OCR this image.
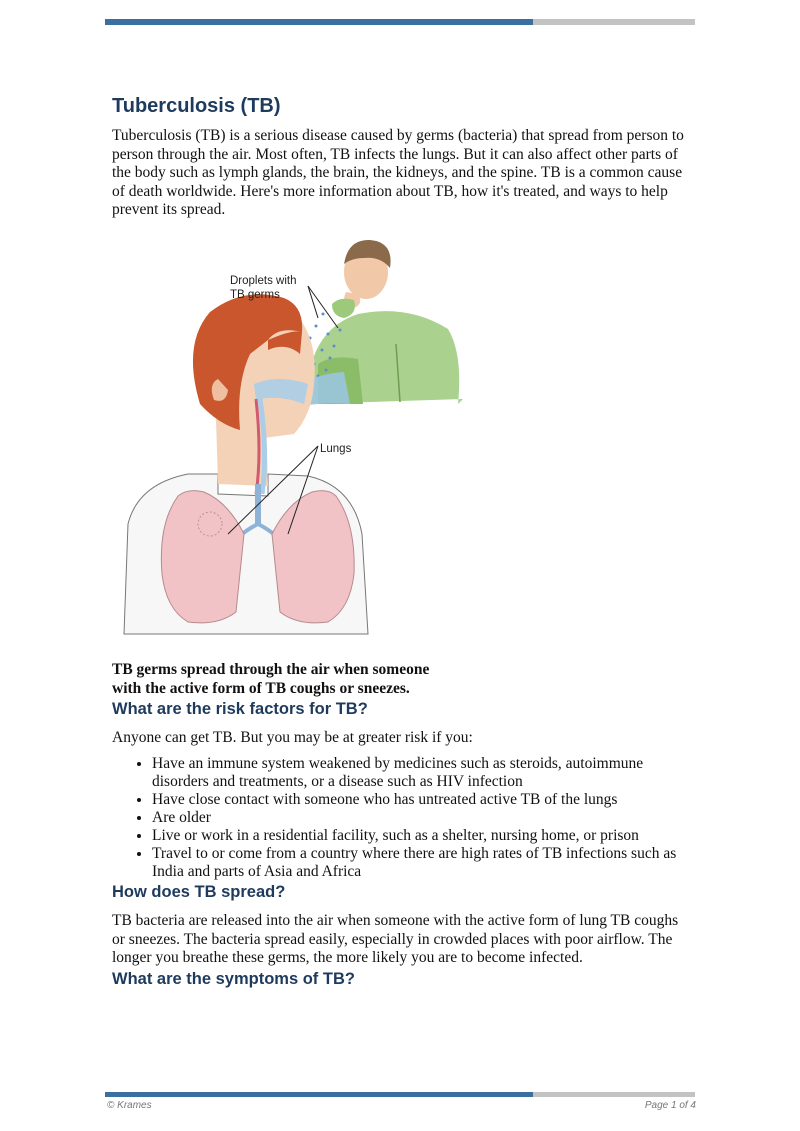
Tuberculosis (TB)

Tuberculosis (TB) is a serious disease caused by germs (bacteria) that spread from person to person through the air. Most often, TB infects the lungs. But it can also affect other parts of the body such as lymph glands, the brain, the kidneys, and the spine. TB is a common cause of death worldwide. Here's more information about TB, how it's treated, and ways to help prevent its spread.

Droplets with
TB germs
Lungs

TB germs spread through the air when someone
with the active form of TB coughs or sneezes.

What are the risk factors for TB?

Anyone can get TB. But you may be at greater risk if you:

• Have an immune system weakened by medicines such as steroids, autoimmune disorders and treatments, or a disease such as HIV infection
• Have close contact with someone who has untreated active TB of the lungs
• Are older
• Live or work in a residential facility, such as a shelter, nursing home, or prison
• Travel to or come from a country where there are high rates of TB infections such as India and parts of Asia and Africa
How does TB spread?

TB bacteria are released into the air when someone with the active form of lung TB coughs or sneezes. The bacteria spread easily, especially in crowded places with poor airflow. The longer you breathe these germs, the more likely you are to become infected.

What are the symptoms of TB?
© Krames	Page 1 of 4
